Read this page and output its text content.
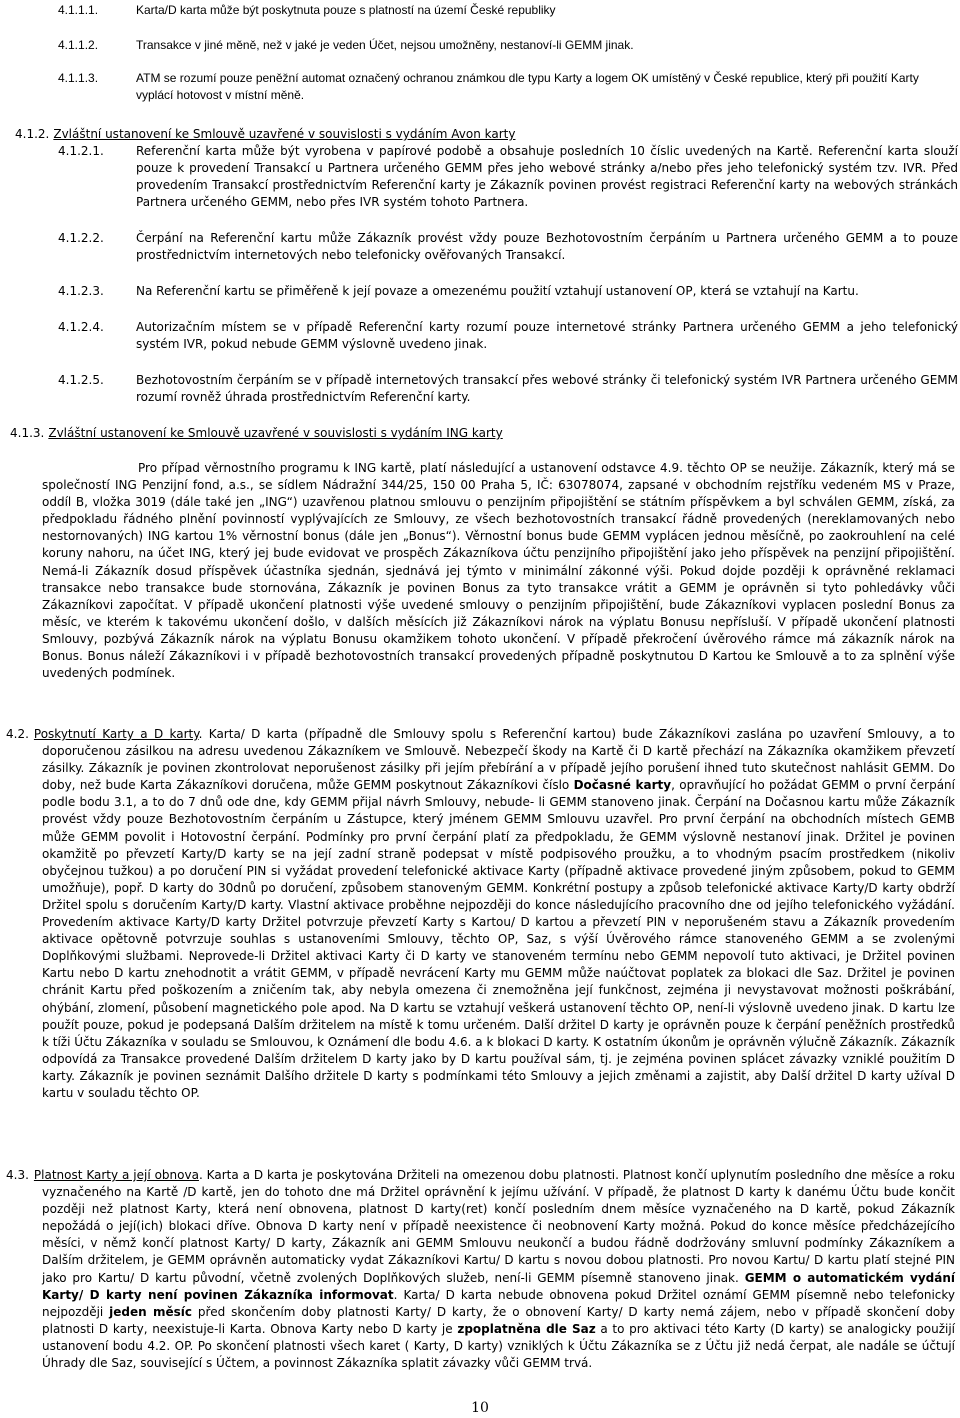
4.1.1.1.	Karta/D karta může být poskytnuta pouze s platností na území České republiky
4.1.1.2.	Transakce v jiné měně, než v jaké je veden Účet, nejsou umožněny, nestanoví-li GEMM jinak.
4.1.1.3.	ATM se rozumí pouze peněžní automat označený ochranou známkou dle typu Karty a logem OK umístěný v České republice, který při použití Karty vyplácí hotovost v místní měně.
4.1.2. Zvláštní ustanovení ke Smlouvě uzavřené v souvislosti s vydáním Avon karty
4.1.2.1.	Referenční karta může být vyrobena v papírové podobě a obsahuje posledních 10 číslic uvedených na Kartě. Referenční karta slouží pouze k provedení Transakcí u Partnera určeného GEMM přes jeho webové stránky a/nebo přes jeho telefonický systém tzv. IVR. Před provedením Transakcí prostřednictvím Referenční karty je Zákazník povinen provést registraci Referenční karty na webových stránkách Partnera určeného GEMM, nebo přes IVR systém tohoto Partnera.
4.1.2.2.	Čerpání na Referenční kartu může Zákazník provést vždy pouze Bezhotovostním čerpáním u Partnera určeného GEMM a to pouze prostřednictvím internetových nebo telefonicky ověřovaných Transakcí.
4.1.2.3.	Na Referenční kartu se přiměřeně k její povaze a omezenému použití vztahují ustanovení OP, která se vztahují na Kartu.
4.1.2.4.	Autorizačním místem se v případě Referenční karty rozumí pouze internetové stránky Partnera určeného GEMM a jeho telefonický systém IVR, pokud nebude GEMM výslovně uvedeno jinak.
4.1.2.5.	Bezhotovostním čerpáním se v případě internetových transakcí přes webové stránky či telefonický systém IVR Partnera určeného GEMM rozumí rovněž úhrada prostřednictvím Referenční karty.
4.1.3. Zvláštní ustanovení ke Smlouvě uzavřené v souvislosti s vydáním ING karty
Pro případ věrnostního programu k ING kartě, platí následující a ustanovení odstavce 4.9. těchto OP se neužije. Zákazník, který má se společností ING Penzijní fond, a.s., se sídlem Nádražní 344/25, 150 00 Praha 5, IČ: 63078074, zapsané v obchodním rejstříku vedeném MS v Praze, oddíl B, vložka 3019 (dále také jen „ING“) uzavřenou platnou smlouvu o penzijním připojištění se státním příspěvkem a byl schválen GEMM, získá, za předpokladu řádného plnění povinností vyplývajících ze Smlouvy, ze všech bezhotovostních transakcí řádně provedených (nereklamovaných nebo nestornovaných) ING kartou 1% věrnostní bonus (dále jen „Bonus“). Věrnostní bonus bude GEMM vyplácen jednou měsíčně, po zaokrouhlení na celé koruny nahoru, na účet ING, který jej bude evidovat ve prospěch Zákazníkova účtu penzijního připojištění jako jeho příspěvek na penzijní připojištění. Nemá-li Zákazník dosud příspěvek účastníka sjednán, sjednává jej týmto v minimální zákonné výši. Pokud dojde později k oprávněné reklamaci transakce nebo transakce bude stornována, Zákazník je povinen Bonus za tyto transakce vrátit a GEMM je oprávněn si tyto pohledávky vůči Zákazníkovi započítat. V případě ukončení platnosti výše uvedené smlouvy o penzijním připojištění, bude Zákazníkovi vyplacen poslední Bonus za měsíc, ve kterém k takovému ukončení došlo, v dalších měsících již Zákazníkovi nárok na výplatu Bonusu nepřísluší. V případě ukončení platnosti Smlouvy, pozbývá Zákazník nárok na výplatu Bonusu okamžikem tohoto ukončení. V případě překročení úvěrového rámce má zákazník nárok na Bonus. Bonus náleží Zákazníkovi i v případě bezhotovostních transakcí provedených případně poskytnutou D Kartou ke Smlouvě a to za splnění výše uvedených podmínek.
4.2. Poskytnutí Karty a D karty. Karta/ D karta (případně dle Smlouvy spolu s Referenční kartou) bude Zákazníkovi zaslána po uzavření Smlouvy, a to doporučenou zásilkou na adresu uvedenou Zákazníkem ve Smlouvě. Nebezpečí škody na Kartě či D kartě přechází na Zákazníka okamžikem převzetí zásilky. Zákazník je povinen zkontrolovat neporušenost zásilky při jejím přebírání a v případě jejího porušení ihned tuto skutečnost nahlásit GEMM. Do doby, než bude Karta Zákazníkovi doručena, může GEMM poskytnout Zákazníkovi číslo Dočasné karty, opravňující ho požádat GEMM o první čerpání podle bodu 3.1, a to do 7 dnů ode dne, kdy GEMM přijal návrh Smlouvy, nebude- li GEMM stanoveno jinak. Čerpání na Dočasnou kartu může Zákazník provést vždy pouze Bezhotovostním čerpáním u Zástupce, který jménem GEMM Smlouvu uzavřel. Pro první čerpání na obchodních místech GEMB může GEMM povolit i Hotovostní čerpání. Podmínky pro první čerpání platí za předpokladu, že GEMM výslovně nestanoví jinak. Držitel je povinen okamžitě po převzetí Karty/D karty se na její zadní straně podepsat v místě podpisového proužku, a to vhodným psacím prostředkem (nikoliv obyčejnou tužkou) a po doručení PIN si vyžádat provedení telefonické aktivace Karty (případně aktivace provedené jiným způsobem, pokud to GEMM umožňuje), popř. D karty do 30dnů po doručení, způsobem stanoveným GEMM. Konkrétní postupy a způsob telefonické aktivace Karty/D karty obdrží Držitel spolu s doručením Karty/D karty. Vlastní aktivace proběhne nejpozději do konce následujícího pracovního dne od jejího telefonického vyžádání. Provedením aktivace Karty/D karty Držitel potvrzuje převzetí Karty s Kartou/ D kartou a převzetí PIN v neporušeném stavu a Zákazník provedením aktivace opětovně potvrzuje souhlas s ustanoveními Smlouvy, těchto OP, Saz, s výší Úvěrového rámce stanoveného GEMM a se zvolenými Doplňkovými službami. Neprovede-li Držitel aktivaci Karty či D karty ve stanoveném termínu nebo GEMM nepovolí tuto aktivaci, je Držitel povinen Kartu nebo D kartu znehodnotit a vrátit GEMM, v případě nevrácení Karty mu GEMM může naúčtovat poplatek za blokaci dle Saz. Držitel je povinen chránit Kartu před poškozením a zničením tak, aby nebyla omezena či znemožněna její funkčnost, zejména ji nevystavovat možnosti poškrábání, ohýbání, zlomení, působení magnetického pole apod. Na D kartu se vztahují veškerá ustanovení těchto OP, není-li výslovně uvedeno jinak. D kartu lze použít pouze, pokud je podepsaná Dalším držitelem na místě k tomu určeném. Další držitel D karty je oprávněn pouze k čerpání peněžních prostředků k tíži Účtu Zákazníka v souladu se Smlouvou, k Oznámení dle bodu 4.6. a k blokaci D karty. K ostatním úkonům je oprávněn výlučně Zákazník. Zákazník odpovídá za Transakce provedené Dalším držitelem D karty jako by D kartu používal sám, tj. je zejména povinen splácet závazky vzniklé použitím D karty. Zákazník je povinen seznámit Dalšího držitele D karty s podmínkami této Smlouvy a jejich změnami a zajistit, aby Další držitel D karty užíval D kartu v souladu těchto OP.
4.3. Platnost Karty a její obnova. Karta a D karta je poskytována Držiteli na omezenou dobu platnosti. Platnost končí uplynutím posledního dne měsíce a roku vyznačeného na Kartě /D kartě, jen do tohoto dne má Držitel oprávnění k jejímu užívání. V případě, že platnost D karty k danému Účtu bude končit později než platnost Karty, která není obnovena, platnost D karty(ret) končí posledním dnem měsíce vyznačeného na D kartě, pokud Zákazník nepožádá o její(ich) blokaci dříve. Obnova D karty není v případě neexistence či neobnovení Karty možná. Pokud do konce měsíce předcházejícího měsíci, v němž končí platnost Karty/ D karty, Zákazník ani GEMM Smlouvu neukončí a budou řádně dodržovány smluvní podmínky Zákazníkem a Dalším držitelem, je GEMM oprávněn automaticky vydat Zákazníkovi Kartu/ D kartu s novou dobou platnosti. Pro novou Kartu/ D kartu platí stejné PIN jako pro Kartu/ D kartu původní, včetně zvolených Doplňkových služeb, není-li GEMM písemně stanoveno jinak. GEMM o automatickém vydání Karty/ D karty není povinen Zákazníka informovat. Karta/ D karta nebude obnovena pokud Držitel oznámí GEMM písemně nebo telefonicky nejpozději jeden měsíc před skončením doby platnosti Karty/ D karty, že o obnovení Karty/ D karty nemá zájem, nebo v případě skončení doby platnosti D karty, neexistuje-li Karta. Obnova Karty nebo D karty je zpoplatněna dle Saz a to pro aktivaci této Karty (D karty) se analogicky použijí ustanovení bodu 4.2. OP. Po skončení platnosti všech karet ( Karty, D karty) vzniklých k Účtu Zákazníka se z Účtu již nedá čerpat, ale nadále se účtují Úhrady dle Saz, související s Účtem, a povinnost Zákazníka splatit závazky vůči GEMM trvá.
10
